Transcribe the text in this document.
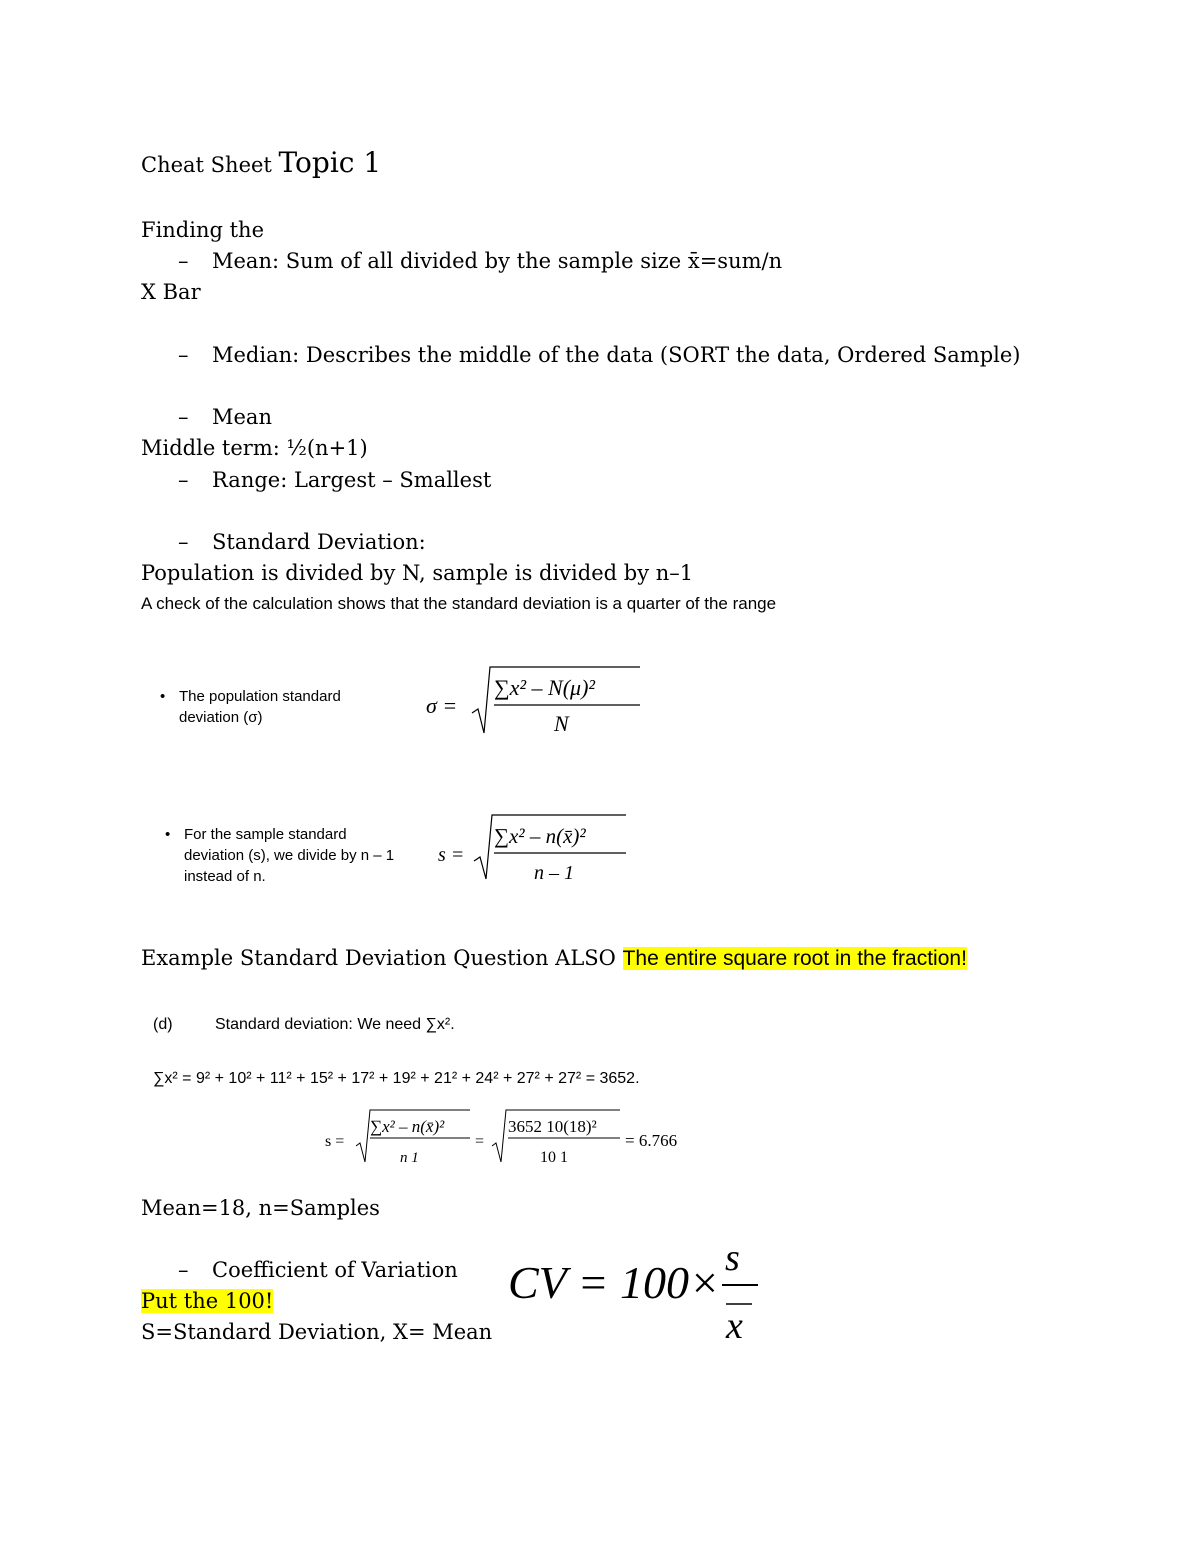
Cheat Sheet Topic 1
Finding the
– Mean: Sum of all divided by the sample size x̄=sum/n
X Bar
– Median: Describes the middle of the data (SORT the data, Ordered Sample)
– Mean
Middle term: ½(n+1)
– Range: Largest – Smallest
– Standard Deviation:
Population is divided by N, sample is divided by n–1
A check of the calculation shows that the standard deviation is a quarter of the range
• The population standard
deviation (σ)	σ =
∑x² – N(μ)²
N
• For the sample standard
deviation (s), we divide by n – 1
instead of n.
s =
∑x² – n(x̄)²
n – 1
Example Standard Deviation Question ALSO The entire square root in the fraction!
(d)	Standard deviation: We need ∑x².
∑x² = 9² + 10² + 11² + 15² + 17² + 19² + 21² + 24² + 27² + 27² = 3652.
s =
∑x² – n(x̄)²
n 1
=
3652 10(18)²
10 1
= 6.766
Mean=18, n=Samples
– Coefficient of Variation
Put the 100!
S=Standard Deviation, X= Mean
CV = 100× s
x
